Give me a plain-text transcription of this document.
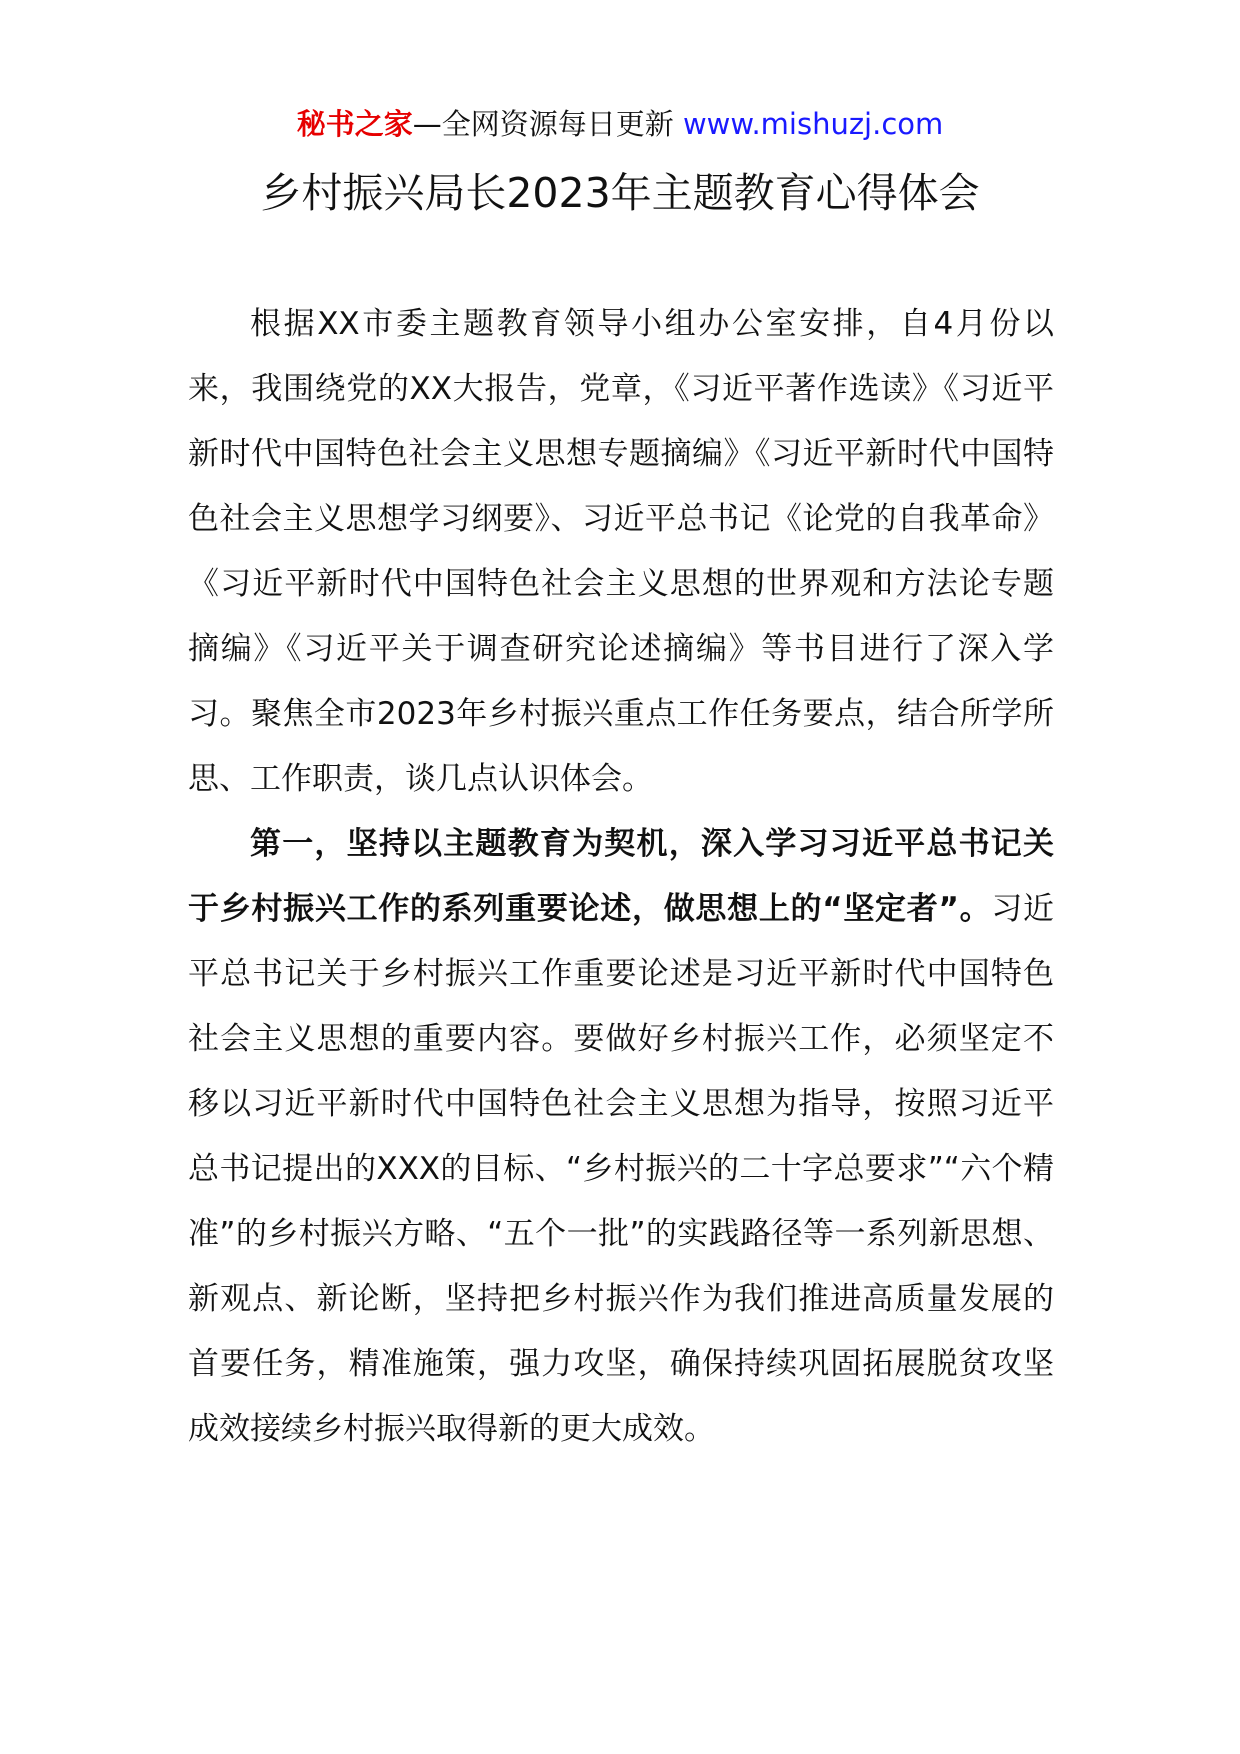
秘书之家—全网资源每日更新 www.mishuzj.com
乡村振兴局长2023年主题教育心得体会

根据XX市委主题教育领导小组办公室安排，自4月份以来，我围绕党的XX大报告，党章，《习近平著作选读》《习近平新时代中国特色社会主义思想专题摘编》《习近平新时代中国特色社会主义思想学习纲要》、习近平总书记《论党的自我革命》《习近平新时代中国特色社会主义思想的世界观和方法论专题摘编》《习近平关于调查研究论述摘编》等书目进行了深入学习。聚焦全市2023年乡村振兴重点工作任务要点，结合所学所思、工作职责，谈几点认识体会。

第一，坚持以主题教育为契机，深入学习习近平总书记关于乡村振兴工作的系列重要论述，做思想上的“坚定者”。习近平总书记关于乡村振兴工作重要论述是习近平新时代中国特色社会主义思想的重要内容。要做好乡村振兴工作，必须坚定不移以习近平新时代中国特色社会主义思想为指导，按照习近平总书记提出的XXX的目标、“乡村振兴的二十字总要求”“六个精准”的乡村振兴方略、“五个一批”的实践路径等一系列新思想、新观点、新论断，坚持把乡村振兴作为我们推进高质量发展的首要任务，精准施策，强力攻坚，确保持续巩固拓展脱贫攻坚成效接续乡村振兴取得新的更大成效。
